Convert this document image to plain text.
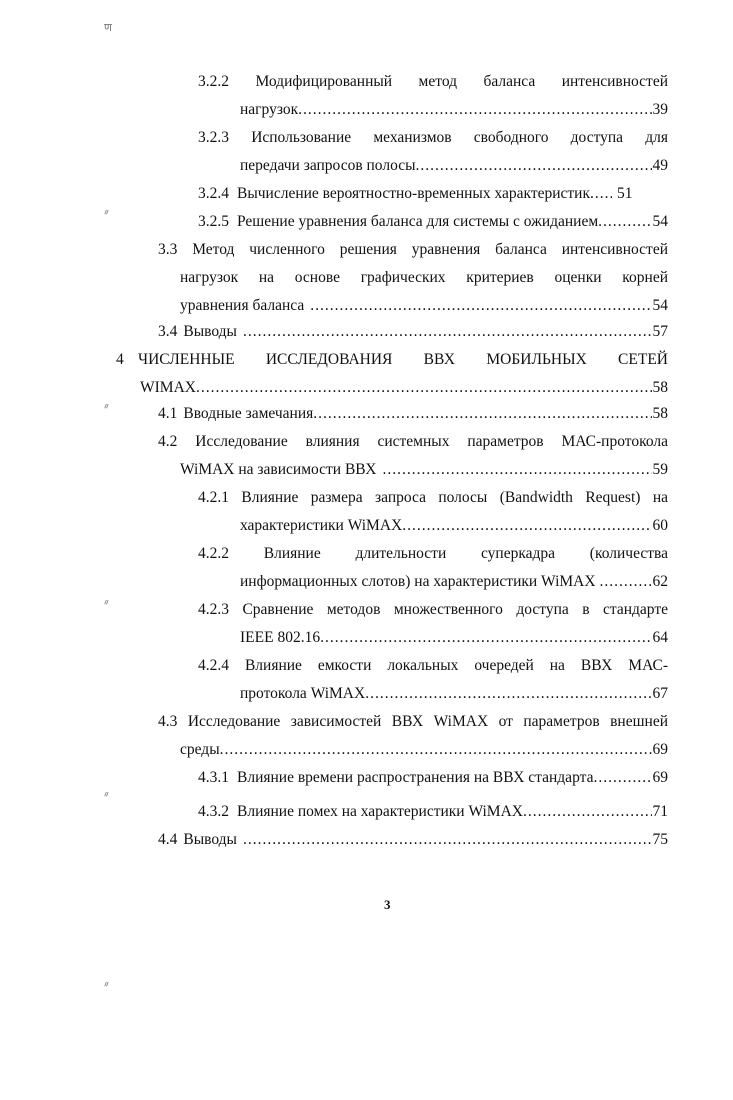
ण
ᐥ
ᐥ
ᐥ
ᐥ
ᐥ
3.2.2 Модифицированный метод баланса интенсивностей
нагрузок .....	39
3.2.3 Использование механизмов свободного доступа для
передачи запросов полосы .....	49
3.2.4 Вычисление вероятностно-временных характеристик .....	51
3.2.5 Решение уравнения баланса для системы с ожиданием .....	54
3.3 Метод численного решения уравнения баланса интенсивностей
нагрузок на основе графических критериев оценки корней
уравнения баланса .....	54
3.4 Выводы .....	57
4 ЧИСЛЕННЫЕ ИССЛЕДОВАНИЯ ВВХ МОБИЛЬНЫХ СЕТЕЙ
WIMAX .....	58
4.1 Вводные замечания .....	58
4.2 Исследование влияния системных параметров МАС-протокола
WiMAX на зависимости ВВХ .....	59
4.2.1 Влияние размера запроса полосы (Bandwidth Request) на
характеристики WiMAX .....	60
4.2.2 Влияние длительности суперкадра (количества
информационных слотов) на характеристики WiMAX .....	62
4.2.3 Сравнение методов множественного доступа в стандарте
IEEE 802.16 .....	64
4.2.4 Влияние емкости локальных очередей на ВВХ МАС-
протокола WiMAX .....	67
4.3 Исследование зависимостей ВВХ WiMAX от параметров внешней
среды .....	69
4.3.1 Влияние времени распространения на ВВХ стандарта .....	69
4.3.2 Влияние помех на характеристики WiMAX .....	71
4.4 Выводы .....	75
3
